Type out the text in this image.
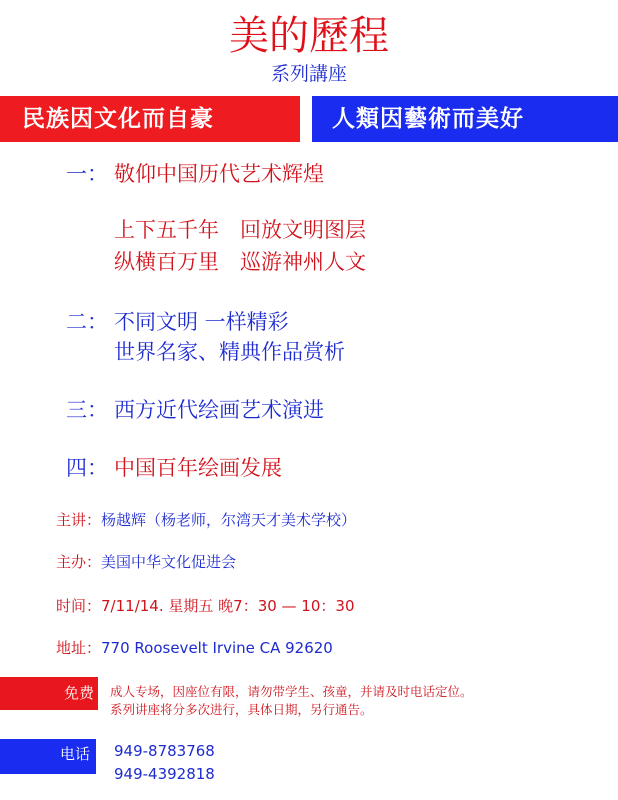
美的歷程
系列講座
民族因文化而自豪	人類因藝術而美好
一： 敬仰中国历代艺术辉煌
上下五千年　回放文明图层
纵横百万里　巡游神州人文
二： 不同文明 一样精彩
世界名家、精典作品赏析
三： 西方近代绘画艺术演进
四： 中国百年绘画发展
主讲：杨越辉（杨老师，尔湾天才美术学校）
主办：美国中华文化促进会
时间：7/11/14. 星期五 晚7：30 — 10：30
地址：770 Roosevelt Irvine CA 92620
免费 成人专场，因座位有限，请勿带学生、孩童，并请及时电话定位。
系列讲座将分多次进行，具体日期，另行通告。
电话 949-8783768
949-4392818
